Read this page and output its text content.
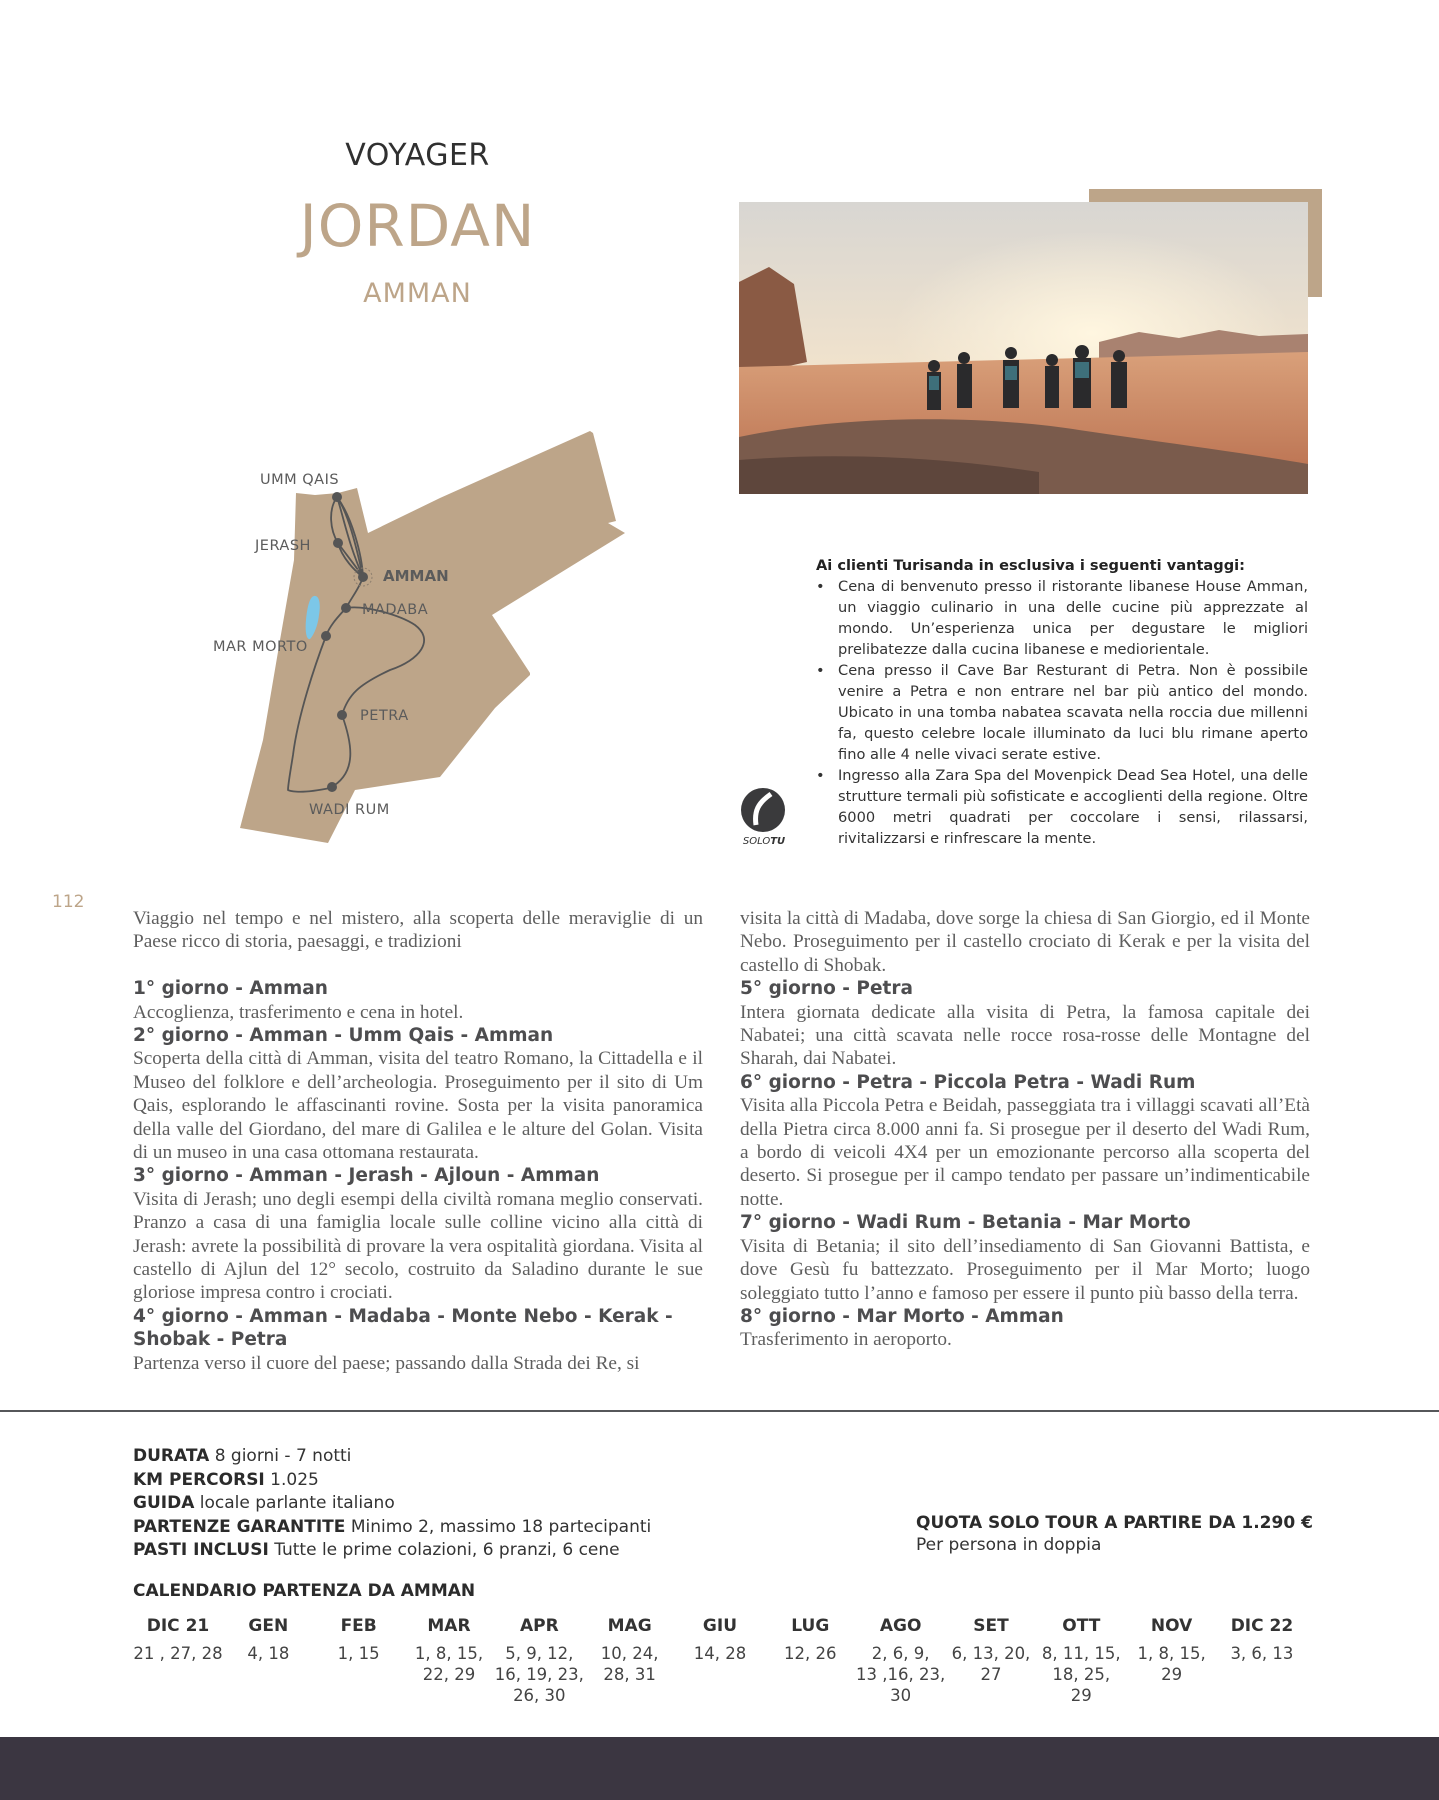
VOYAGER
JORDAN
AMMAN
UMM QAIS
JERASH
AMMAN
MADABA
MAR MORTO
PETRA
WADI RUM
Ai clienti Turisanda in esclusiva i seguenti vantaggi:
• Cena di benvenuto presso il ristorante libanese House Amman, un viaggio culinario in una delle cucine più apprezzate al mondo. Un’esperienza unica per degustare le migliori prelibatezze dalla cucina libanese e mediorientale.
• Cena presso il Cave Bar Resturant di Petra. Non è possibile venire a Petra e non entrare nel bar più antico del mondo. Ubicato in una tomba nabatea scavata nella roccia due millenni fa, questo celebre locale illuminato da luci blu rimane aperto fino alle 4 nelle vivaci serate estive.
• Ingresso alla Zara Spa del Movenpick Dead Sea Hotel, una delle strutture termali più sofisticate e accoglienti della regione. Oltre 6000 metri quadrati per coccolare i sensi, rilassarsi, rivitalizzarsi e rinfrescare la mente.
SOLOTU
112

Viaggio nel tempo e nel mistero, alla scoperta delle meraviglie di un Paese ricco di storia, paesaggi, e tradizioni

1° giorno - Amman

Accoglienza, trasferimento e cena in hotel.

2° giorno - Amman - Umm Qais - Amman

Scoperta della città di Amman, visita del teatro Romano, la Cittadella e il Museo del folklore e dell’archeologia. Proseguimento per il sito di Um Qais, esplorando le affascinanti rovine. Sosta per la visita panoramica della valle del Giordano, del mare di Galilea e le alture del Golan. Visita di un museo in una casa ottomana restaurata.

3° giorno - Amman - Jerash - Ajloun - Amman

Visita di Jerash; uno degli esempi della civiltà romana meglio conservati. Pranzo a casa di una famiglia locale sulle colline vicino alla città di Jerash: avrete la possibilità di provare la vera ospitalità giordana. Visita al castello di Ajlun del 12° secolo, costruito da Saladino durante le sue gloriose impresa contro i crociati.

4° giorno - Amman - Madaba - Monte Nebo - Kerak - Shobak - Petra

Partenza verso il cuore del paese; passando dalla Strada dei Re, si

visita la città di Madaba, dove sorge la chiesa di San Giorgio, ed il Monte Nebo. Proseguimento per il castello crociato di Kerak e per la visita del castello di Shobak.

5° giorno - Petra

Intera giornata dedicate alla visita di Petra, la famosa capitale dei Nabatei; una città scavata nelle rocce rosa-rosse delle Montagne del Sharah, dai Nabatei.

6° giorno - Petra - Piccola Petra - Wadi Rum

Visita alla Piccola Petra e Beidah, passeggiata tra i villaggi scavati all’Età della Pietra circa 8.000 anni fa. Si prosegue per il deserto del Wadi Rum, a bordo di veicoli 4X4 per un emozionante percorso alla scoperta del deserto. Si prosegue per il campo tendato per passare un’indimenticabile notte.

7° giorno - Wadi Rum - Betania - Mar Morto

Visita di Betania; il sito dell’insediamento di San Giovanni Battista, e dove Gesù fu battezzato. Proseguimento per il Mar Morto; luogo soleggiato tutto l’anno e famoso per essere il punto più basso della terra.

8° giorno - Mar Morto - Amman

Trasferimento in aeroporto.

DURATA 8 giorni - 7 notti
KM PERCORSI 1.025
GUIDA locale parlante italiano
PARTENZE GARANTITE Minimo 2, massimo 18 partecipanti
PASTI INCLUSI Tutte le prime colazioni, 6 pranzi, 6 cene
QUOTA SOLO TOUR A PARTIRE DA 1.290 €
Per persona in doppia
CALENDARIO PARTENZA DA AMMAN
DIC 21
21 , 27, 28
GEN
4, 18
FEB
1, 15
MAR
1, 8, 15,
22, 29
APR
5, 9, 12,
16, 19, 23,
26, 30
MAG
10, 24,
28, 31
GIU
14, 28
LUG
12, 26
AGO
2, 6, 9,
13 ,16, 23,
30
SET
6, 13, 20,
27
OTT
8, 11, 15,
18, 25,
29
NOV
1, 8, 15,
29
DIC 22
3, 6, 13
